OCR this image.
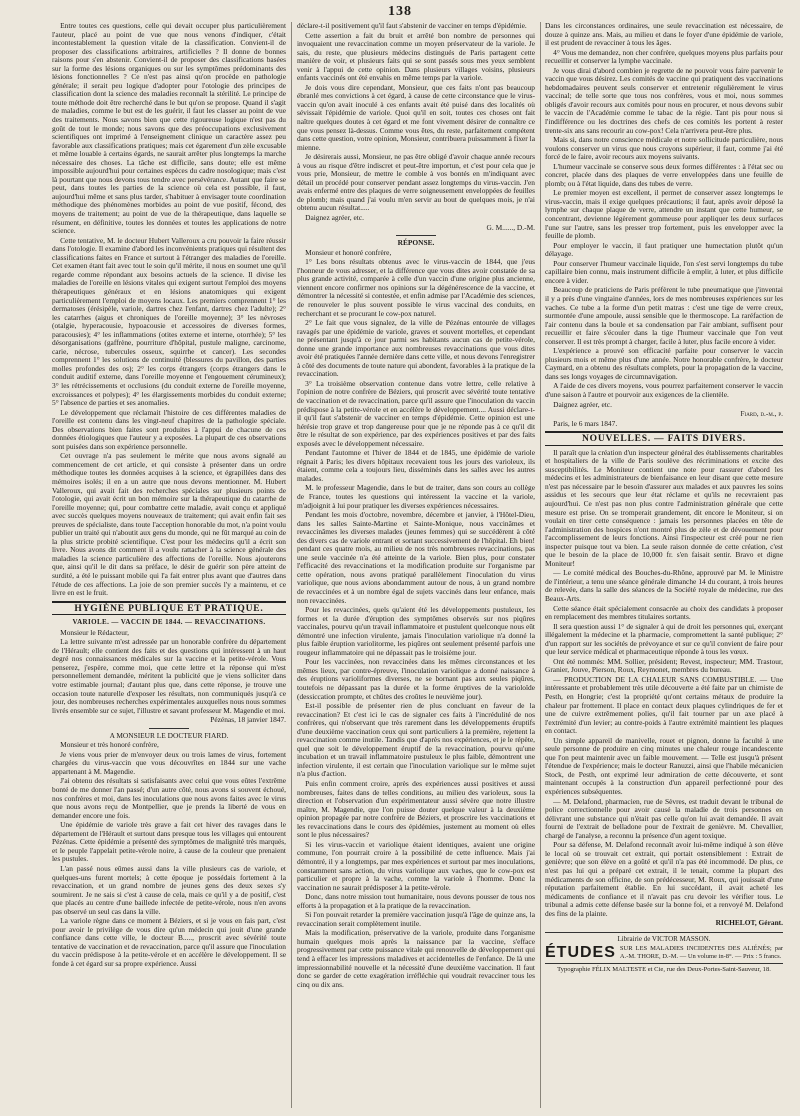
138

Entre toutes ces questions, celle qui devait occuper plus particulièrement l'auteur, placé au point de vue que nous venons d'indiquer, c'était incontestablement la question vitale de la classification. Convient-il de proposer des classifications arbitraires, artificielles ? Il donne de bonnes raisons pour s'en abstenir. Convient-il de proposer des classifications basées sur la forme des lésions organiques ou sur les symptômes prédominants des lésions fonctionnelles ? Ce n'est pas ainsi qu'on procède en pathologie générale; il serait peu logique d'adopter pour l'otologie des principes de classification dont la science des maladies reconnaît la stérilité. Le principe de toute méthode doit être recherché dans le but qu'on se propose. Quand il s'agit de maladies, comme le but est de les guérir, il faut les classer au point de vue des traitements. Nous savons bien que cette rigoureuse logique n'est pas du goût de tout le monde; nous savons que des préoccupations exclusivement scientifiques ont imprimé à l'enseignement clinique un caractère assez peu favorable aux classifications pratiques; mais cet égarement d'un zèle excusable et même louable à certains égards, ne saurait arrêter plus longtemps la marche nécessaire des choses. La tâche est difficile, sans doute; elle est même impossible aujourd'hui pour certaines espèces du cadre nosologique; mais c'est là pourtant que nous devons tous tendre avec persévérance. Autant que faire se peut, dans toutes les parties de la science où cela est possible, il faut, aujourd'hui même et sans plus tarder, s'habituer à envisager toute coordination méthodique des phénomènes morbides au point de vue positif, fécond, des moyens de traitement; au point de vue de la thérapeutique, dans laquelle se résument, en définitive, toutes les données et toutes les applications de notre science.

Cette tentative, M. le docteur Hubert Valleroux a cru pouvoir la faire réussir dans l'otologie. Il examine d'abord les inconvénients pratiques qui résultent des classifications faites en France et surtout à l'étranger des maladies de l'oreille. Cet examen étant fait avec tout le soin qu'il mérite, il nous en soumet une qu'il regarde comme répondant aux besoins actuels de la science. Il divise les maladies de l'oreille en lésions vitales qui exigent surtout l'emploi des moyens thérapeutiques généraux et en lésions anatomiques qui exigent particulièrement l'emploi de moyens locaux. Les premiers comprennent 1° les dermatoses (érésipèle, variole, dartres chez l'enfant, dartres chez l'adulte); 2° les catarrhes (aigus et chroniques de l'oreille moyenne); 3° les névroses (otalgie, hyperacousie, hypoacousie et accessoires de diverses formes, paracousies); 4° les inflammations (otites externe et interne, otorrhée); 5° les désorganisations (gaffrène, pourriture d'hôpital, pustule maligne, carcinome, carie, nécrose, tubercules osseux, squirrhe et cancer). Les secondes comprennent 1° les solutions de continuité (blessures du pavillon, des parties molles profondes des os); 2° les corps étrangers (corps étrangers dans le conduit auditif externe, dans l'oreille moyenne et l'engouement cérumineux); 3° les rétrécissements et occlusions (du conduit externe de l'oreille moyenne, excroissances et polypes); 4° les élargissements morbides du conduit externe; 5° l'absence de parties et ses anomalies.

Le développement que réclamait l'histoire de ces différentes maladies de l'oreille est contenu dans les vingt-neuf chapitres de la pathologie spéciale. Des observations bien faites sont produites à l'appui de chacune de ces données étiologiques que l'auteur y a exposées. La plupart de ces observations sont puisées dans son expérience personnelle.

Cet ouvrage n'a pas seulement le mérite que nous avons signalé au commencement de cet article, et qui consiste à présenter dans un ordre méthodique toutes les données acquises à la science, et égrapillées dans des mémoires isolés; il en a un autre que nous devons mentionner. M. Hubert Valleroux, qui avait fait des recherches spéciales sur plusieurs points de l'otologie, qui avait écrit un bon mémoire sur la thérapeutique du catarrhe de l'oreille moyenne; qui, pour combattre cette maladie, avait conçu et appliqué avec succès quelques moyens nouveaux de traitement; qui avait enfin fait ses preuves de spécialiste, dans toute l'acception honorable du mot, n'a point voulu publier un traité qui n'aboutit aux gens du monde, qui ne fût marqué au coin de la plus stricte probité scientifique. C'est pour les médecins qu'il a écrit son livre. Nous avons dit comment il a voulu rattacher à la science générale des maladies la science particulière des affections de l'oreille. Nous ajouterons que, ainsi qu'il le dit dans sa préface, le désir de guérir son père atteint de surdité, a été le puissant mobile qui l'a fait entrer plus avant que d'autres dans l'étude de ces affections. La joie de son premier succès l'y a maintenu, et ce livre en est le fruit.

HYGIÈNE PUBLIQUE ET PRATIQUE.
VARIOLE. — VACCIN DE 1844. — REVACCINATIONS.

Monsieur le Rédacteur,

La lettre suivante m'est adressée par un honorable confrère du département de l'Hérault; elle contient des faits et des questions qui intéressent à un haut degré nos connaissances médicales sur la vaccine et la petite-vérole. Vous penserez, j'espère, comme moi, que cette lettre et la réponse qui m'est personnellement demandée, méritent la publicité que je viens solliciter dans votre estimable journal; d'autant plus que, dans cette réponse, je trouve une occasion toute naturelle d'exposer les résultats, non communiqués jusqu'à ce jour, des nombreuses recherches expérimentales auxquelles nous nous sommes livrés ensemble sur ce sujet, l'illustre et savant professeur M. Magendie et moi.

Pézénas, 18 janvier 1847.

A MONSIEUR LE DOCTEUR FIARD.

Monsieur et très honoré confrère,

Je viens vous prier de m'envoyer deux ou trois lames de virus, fortement chargées du virus-vaccin que vous découvrîtes en 1844 sur une vache appartenant à M. Magendie.

J'ai obtenu des résultats si satisfaisants avec celui que vous eûtes l'extrême bonté de me donner l'an passé; d'un autre côté, nous avons si souvent échoué, nos confrères et moi, dans les inoculations que nous avons faites avec le virus que nous avons reçu de Montpellier, que je prends la liberté de vous en demander encore une fois.

Une épidémie de variole très grave a fait cet hiver des ravages dans le département de l'Hérault et surtout dans presque tous les villages qui entourent Pézénas. Cette épidémie a présenté des symptômes de malignité très marqués, et le peuple l'appelait petite-vérole noire, à cause de la couleur que prenaient les pustules.

L'an passé nous eûmes aussi dans la ville plusieurs cas de variole, et quelques-uns furent mortels; à cette époque je possédais fortement à la revaccination, et un grand nombre de jeunes gens des deux sexes s'y soumirent. Je ne sais si c'est à cause de cela, mais ce qu'il y a de positif, c'est que placés au centre d'une baillede infectée de petite-vérole, nous n'en avons pas observé un seul cas dans la ville.

La variole règne dans ce moment à Béziers, et si je vous en fais part, c'est pour avoir le privilège de vous dire qu'un médecin qui jouit d'une grande confiance dans cette ville, le docteur B....., proscrit avec sévérité toute tentative de vaccination et de revaccination, parce qu'il assure que l'inoculation du vaccin prédispose à la petite-vérole et en accélère le développement. Il se fonde à cet égard sur sa propre expérience. Aussi

déclare-t-il positivement qu'il faut s'abstenir de vacciner en temps d'épidémie.

Cette assertion a fait du bruit et arrêté bon nombre de personnes qui invoquaient une revaccination comme un moyen préservateur de la variole. Je sais, du reste, que plusieurs médecins distingués de Paris partagent cette manière de voir, et plusieurs faits qui se sont passés sous mes yeux semblent venir à l'appui de cette opinion. Dans plusieurs villages voisins, plusieurs enfants vaccinés ont été envahis en même temps par la variole.

Je dois vous dire cependant, Monsieur, que ces faits n'ont pas beaucoup ébranlé mes convictions à cet égard, à cause de cette circonstance que le virus-vaccin qu'on avait inoculé à ces enfants avait été puisé dans des localités où sévissait l'épidémie de variole. Quoi qu'il en soit, toutes ces choses ont fait naître quelques doutes à cet égard et me font vivement désirer de connaître ce que vous pensez là-dessus. Comme vous êtes, du reste, parfaitement compétent dans cette question, votre opinion, Monsieur, contribuera puissamment à fixer la mienne.

Je désirerais aussi, Monsieur, ne pas être obligé d'avoir chaque année recours à vous au risque d'être indiscret et peut-être importun, et c'est pour cela que je vous prie, Monsieur, de mettre le comble à vos bontés en m'indiquant avec détail un procédé pour conserver pendant assez longtemps du virus-vaccin. J'en avais enfermé entre des plaques de verre soigneusement enveloppées de feuilles de plomb; mais quand j'ai voulu m'en servir au bout de quelques mois, je n'ai obtenu aucun résultat.....

Daignez agréer, etc.

G. M......, D.-M.

RÉPONSE.

Monsieur et honoré confrère,

1° Les bons résultats obtenus avec le virus-vaccin de 1844, que j'eus l'honneur de vous adresser, et la différence que vous dites avoir constatée de sa plus grande activité, comparée à celle d'un vaccin d'une origine plus ancienne, viennent encore confirmer nos opinions sur la dégénérescence de la vaccine, et démontrer la nécessité si contestée, et enfin admise par l'Académie des sciences, de renouveler le plus souvent possible le virus vaccinal des conduits, en recherchant et se procurant le cow-pox naturel.

2° Le fait que vous signalez, de la ville de Pézénas entourée de villages ravagés par une épidémie de variole, graves et souvent mortelles, et cependant ne présentant jusqu'à ce jour parmi ses habitants aucun cas de petite-vérole, donne une grande importance aux nombreuses revaccinations que vous dites avoir été pratiquées l'année dernière dans cette ville, et nous devons l'enregistrer à côté des documents de toute nature qui abondent, favorables à la pratique de la revaccination.

3° La troisième observation contenue dans votre lettre, celle relative à l'opinion de notre confrère de Béziers, qui proscrit avec sévérité toute tentative de vaccination et de revaccination, parce qu'il assure que l'inoculation du vaccin prédispose à la petite-vérole et en accélère le développement.... Aussi déclare-t-il qu'il faut s'abstenir de vacciner en temps d'épidémie. Cette opinion est une hérésie trop grave et trop dangereuse pour que je ne réponde pas à ce qu'il dit être le résultat de son expérience, par des expériences positives et par des faits exposés avec le développement nécessaire.

Pendant l'automne et l'hiver de 1844 et de 1845, une épidémie de variole régnait à Paris; les divers hôpitaux recevaient tous les jours des varioleux, ils étaient, comme cela a toujours lieu, disséminés dans les salles avec les autres malades.

M. le professeur Magendie, dans le but de traiter, dans son cours au collège de France, toutes les questions qui intéressent la vaccine et la variole, m'adjoignit à lui pour pratiquer les diverses expériences nécessaires.

Pendant les mois d'octobre, novembre, décembre et janvier, à l'Hôtel-Dieu, dans les salles Sainte-Martine et Sainte-Monique, nous vaccinâmes et revaccinâmes les diverses malades (jeunes femmes) qui se succédèrent à côté des divers cas de variole entrant et sortant successivement de l'hôpital. Eh bien! pendant ces quatre mois, au milieu de nos très nombreuses revaccinations, pas une seule vaccinée n'a été atteinte de la variole. Bien plus, pour constater l'efficacité des revaccinations et la modification produite sur l'organisme par cette opération, nous avons pratiqué parallèlement l'inoculation du virus variolique, que nous avions abondamment autour de nous, à un grand nombre de revaccinées et à un nombre égal de sujets vaccinés dans leur enfance, mais non revaccinées.

Pour les revaccinées, quels qu'aient été les développements pustuleux, les formes et la durée d'éruption des symptômes observés sur nos piqûres vaccinales, pourvu qu'un travail inflammatoire et pustulent quelconque nous eût démontré une infection virulente, jamais l'inoculation variolique n'a donné la plus faible éruption variolitorme, les piqûres ont seulement présenté parfois une rougeur inflammatoire qui ne dépassait pas le troisième jour.

Pour les vaccinées, non revaccinées dans les mêmes circonstances et les mêmes lieux, par contre-épreuve, l'inoculation variolique a donné naissance à des éruptions varioliformes diverses, ne se bornant pas aux seules piqûres, toutefois ne dépassant pas la durée et la forme éruptives de la varioloïde (dessiccation prompte, et chûtes des croûtes le neuvième jour).

Est-il possible de présenter rien de plus concluant en faveur de la revaccination? Et c'est ici le cas de signaler ces faits à l'incrédulité de nos confrères, qui n'observant que très rarement dans les développements éruptifs d'une deuxième vaccination ceux qui sont particuliers à la première, rejettent la revaccination comme inutile. Tandis que d'après nos expériences, et je le répète, quel que soit le développement éruptif de la revaccination, pourvu qu'une incubation et un travail inflammatoire pustuleux le plus faible, démontrent une infection virulente, il est certain que l'inoculation variolique sur le même sujet n'a plus d'action.

Puis enfin comment croire, après des expériences aussi positives et aussi nombreuses, faites dans de telles conditions, au milieu des varioleux, sous la direction et l'observation d'un expérimentateur aussi sévère que notre illustre maître, M. Magendie, que l'on puisse douter quelque valeur à la deuxième opinion propagée par notre confrère de Béziers, et proscrire les vaccinations et les revaccinations dans le cours des épidémies, justement au moment où elles sont le plus nécessaires?

Si les virus-vaccin et variolique étaient identiques, avaient une origine commune, l'on pourrait croire à la possibilité de cette influence. Mais j'ai démontré, il y a longtemps, par mes expériences et surtout par mes inoculations, constamment sans action, du virus variolique aux vaches, que le cow-pox est particulier et propre à la vache, comme la variole à l'homme. Donc la vaccination ne saurait prédisposer à la petite-vérole.

Donc, dans notre mission tout humanitaire, nous devons pousser de tous nos efforts à la propagation et à la pratique de la revaccination.

Si l'on pouvait retarder la première vaccination jusqu'à l'âge de quinze ans, la revaccination serait complètement inutile.

Mais la modification, préservative de la variole, produite dans l'organisme humain quelques mois après la naissance par la vaccine, s'efface progressivement par cette puissance vitale qui renouvelle de développement qui tend à effacer les impressions maladives et accidentelles de l'enfance. De là une impressionnabilité nouvelle et la nécessité d'une deuxième vaccination. Il faut donc se garder de cette exagération irréfléchie qui voudrait revacciner tous les cinq ou dix ans.

Dans les circonstances ordinaires, une seule revaccination est nécessaire, de douze à quinze ans. Mais, au milieu et dans le foyer d'une épidémie de variole, il est prudent de revacciner à tous les âges.

4° Vous me demandez, non cher confrère, quelques moyens plus parfaits pour recueillir et conserver la lymphe vaccinale.

Je vous dirai d'abord combien je regrette de ne pouvoir vous faire parvenir le vaccin que vous désirez. Les comités de vaccine qui pratiquent des vaccinations hebdomadaires peuvent seuls conserver et entretenir régulièrement le virus vaccinal; de telle sorte que tous nos confrères, vous et moi, nous sommes obligés d'avoir recours aux comités pour nous en procurer, et nous devons subir le vaccin de l'Académie comme le tabac de la régie. Tant pis pour nous si l'indifférence ou les doctrines des chefs de ces comités les portent à rester trente-six ans sans recourir au cow-pox! Cela n'arrivera peut-être plus.

Mais si, dans notre conscience médicale et notre sollicitude particulière, nous voulons conserver un virus que nous croyons supérieur, il faut, comme j'ai été forcé de le faire, avoir recours aux moyens suivants.

L'humeur vaccinale se conserve sous deux formes différentes : à l'état sec ou concret, placée dans des plaques de verre enveloppées dans une feuille de plomb; ou à l'état liquide, dans des tubes de verre.

Le premier moyen est excellent, il permet de conserver assez longtemps le virus-vaccin, mais il exige quelques précautions; il faut, après avoir déposé la lymphe sur chaque plaque de verre, attendre un instant que cette humeur, se concentrant, devienne légèrement gommeuse pour appliquer les deux surfaces l'une sur l'autre, sans les presser trop fortement, puis les envelopper avec la feuille de plomb.

Pour employer le vaccin, il faut pratiquer une humectation plutôt qu'un délayage.

Pour conserver l'humeur vaccinale liquide, l'on s'est servi longtemps du tube capillaire bien connu, mais instrument difficile à emplir, à luter, et plus difficile encore à vider.

Beaucoup de praticiens de Paris préfèrent le tube pneumatique que j'inventai il y a près d'une vingtaine d'années, lors de mes nombreuses expériences sur les vaches. Ce tube a la forme d'un petit matras : c'est une tige de verre creux, surmontée d'une ampoule, aussi sensible que le thermoscope. La raréfaction de l'air contenu dans la boule et sa condensation par l'air ambiant, suffisent pour recueillir et faire s'écouler dans la tige l'humeur vaccinale que l'on veut conserver. Il est très prompt à charger, facile à luter, plus facile encore à vider.

L'expérience a prouvé son efficacité parfaite pour conserver le vaccin plusieurs mois et même plus d'une année. Notre honorable confrère, le docteur Caymard, en a obtenu des résultats complets, pour la propagation de la vaccine, dans ses longs voyages de circumnavigation.

A l'aide de ces divers moyens, vous pourrez parfaitement conserver le vaccin d'une saison à l'autre et pourvoir aux exigences de la clientèle.

Daignez agréer, etc.

Fiard, d.-m., p.

Paris, le 6 mars 1847.

NOUVELLES. — FAITS DIVERS.

Il paraît que la création d'un inspecteur général des établissements charitables et hospitaliers de la ville de Paris soulève des récriminations et excite des susceptibilités. Le Moniteur contient une note pour rassurer d'abord les médecins et les administrateurs de bienfaisance en leur disant que cette mesure n'est pas nécessaire par le besoin d'assurer aux malades et aux pauvres les soins assidus et les secours que leur état réclame et qu'ils ne recevraient pas aujourd'hui. Ce n'est pas non plus contre l'administration générale que cette mesure est prise. On se tromperait grandement, dit encore le Moniteur, si on voulait en tirer cette conséquence : jamais les personnes placées en tête de l'administration des hospices n'ont montré plus de zèle et de dévouement pour l'accomplissement de leurs fonctions. Ainsi l'inspecteur est créé pour ne rien inspecter puisque tout va bien. La seule raison donnée de cette création, c'est que le besoin de la place de 10,000 fr. s'en faisait sentir. Bravo et digne Moniteur!

— Le comité médical des Bouches-du-Rhône, approuvé par M. le Ministre de l'intérieur, a tenu une séance générale dimanche 14 du courant, à trois heures de relevée, dans la salle des séances de la Société royale de médecine, rue des Beaux-Arts.

Cette séance était spécialement consacrée au choix des candidats à proposer en remplacement des membres titulaires sortants.

Il sera question aussi 1° de signaler à qui de droit les personnes qui, exerçant illégalement la médecine et la pharmacie, compromettent la santé publique; 2° d'un rapport sur les sociétés de prévoyance et sur ce qu'il convient de faire pour que leur service médical et pharmaceutique réponde à tous les vœux.

Ont été nommés: MM. Sollier, président; Revest, inspecteur; MM. Trastour, Granier, Jouve, Pierson, Roux, Reymonet, membres du bureau.

— PRODUCTION DE LA CHALEUR SANS COMBUSTIBLE. — Une intéressante et probablement très utile découverte a été faite par un chimiste de Pesth, en Hongrie; c'est la propriété qu'ont certains métaux de produire la chaleur par frottement. Il place en contact deux plaques cylindriques de fer et une de cuivre extrêmement polies, qu'il fait tourner par un axe placé à l'extrémité d'un levier; au contre-poids à l'autre extrémité maintient les plaques en contact.

Un simple appareil de manivelle, rouet et pignon, donne la faculté à une seule personne de produire en cinq minutes une chaleur rouge incandescente que l'on peut maintenir avec un faible mouvement. — Telle est jusqu'à présent l'étendue de l'expérience; mais le docteur Ranuzzi, ainsi que l'habile mécanicien Stock, de Pesth, ont exprimé leur admiration de cette découverte, et sont maintenant occupés à la construction d'un appareil perfectionné pour des expériences subséquentes.

— M. Delafond, pharmacien, rue de Sèvres, est traduit devant le tribunal de police correctionnelle pour avoir causé la maladie de trois personnes en délivrant une substance qui n'était pas celle qu'on lui avait demandée. Il avait fourni de l'extrait de belladone pour de l'extrait de genièvre. M. Chevallier, chargé de l'analyse, a reconnu la présence d'un agent toxique.

Pour sa défense, M. Delafond reconnaît avoir lui-même indiqué à son élève le local où se trouvait cet extrait, qui portait ostensiblement : Extrait de genièvre; que son élève en a goûté et qu'il n'a pas été incommodé. De plus, ce n'est pas lui qui a préparé cet extrait, il le tenait, comme la plupart des médicaments de son officine, de son prédécesseur, M. Roux, qui jouissait d'une réputation parfaitement établie. En lui succédant, il avait acheté les médicaments de confiance et il n'avait pas cru devoir les vérifier tous. Le tribunal a admis cette défense basée sur la bonne foi, et a renvoyé M. Delafond des fins de la plainte.

RICHELOT, Gérant.

Librairie de VICTOR MASSON.
ÉTUDES SUR LES MALADIES INCIDENTES DES ALIÉNÉS; par A.-M. THORE, D.-M. — Un volume in-8°. — Prix : 5 francs.
Typographie FÉLIX MALTESTE et Cie, rue des Deux-Portes-Saint-Sauveur, 18.
